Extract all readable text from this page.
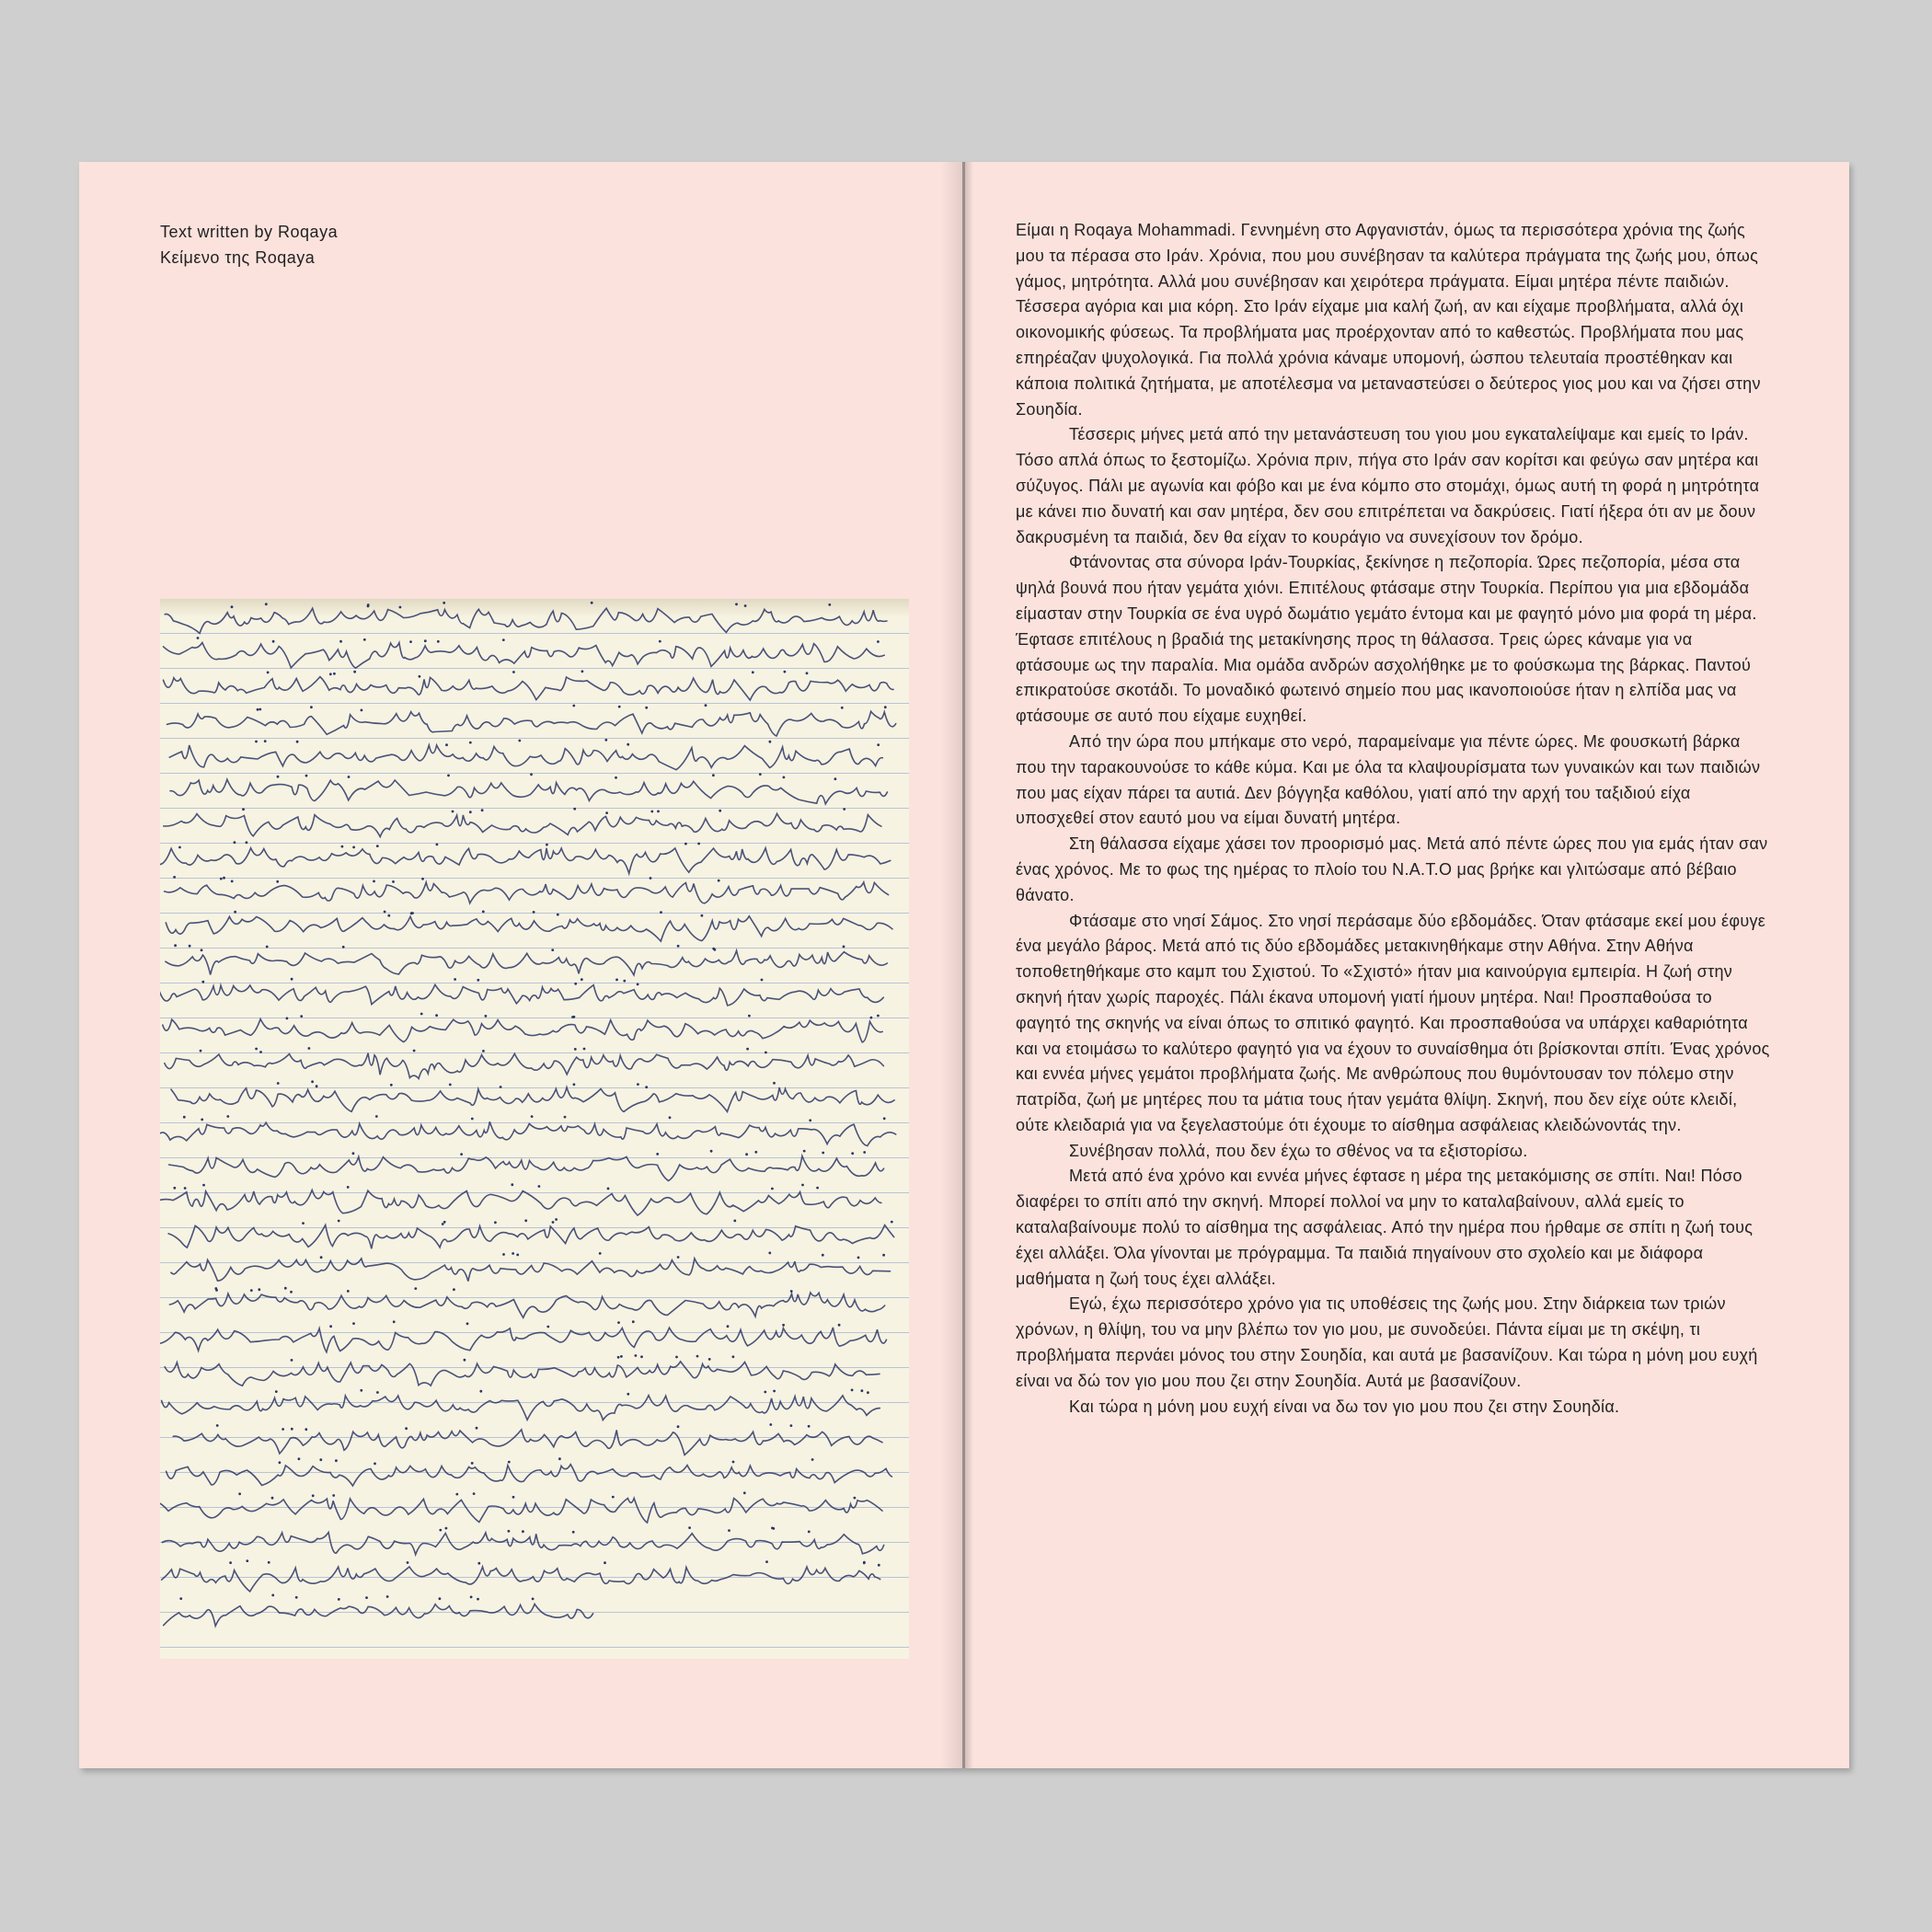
Text written by Roqaya
Κείμενο της Roqaya

Είμαι η Roqaya Mohammadi. Γεννημένη στο Αφγανιστάν, όμως τα περισσότερα χρόνια της ζωής μου τα πέρασα στο Ιράν. Χρόνια, που μου συνέβησαν τα καλύτερα πράγματα της ζωής μου, όπως γάμος, μητρότητα. Αλλά μου συνέβησαν και χειρότερα πράγματα. Είμαι μητέρα πέντε παιδιών. Τέσσερα αγόρια και μια κόρη. Στο Ιράν είχαμε μια καλή ζωή, αν και είχαμε προβλήματα, αλλά όχι οικονομικής φύσεως. Τα προβλήματα μας προέρχονταν από το καθεστώς. Προβλήματα που μας επηρέαζαν ψυχολογικά. Για πολλά χρόνια κάναμε υπομονή, ώσπου τελευταία προστέθηκαν και κάποια πολιτικά ζητήματα, με αποτέλεσμα να μεταναστεύσει ο δεύτερος γιος μου και να ζήσει στην Σουηδία.

Τέσσερις μήνες μετά από την μετανάστευση του γιου μου εγκαταλείψαμε και εμείς το Ιράν. Τόσο απλά όπως το ξεστομίζω. Χρόνια πριν, πήγα στο Ιράν σαν κορίτσι και φεύγω σαν μητέρα και σύζυγος. Πάλι με αγωνία και φόβο και με ένα κόμπο στο στομάχι, όμως αυτή τη φορά η μητρότητα με κάνει πιο δυνατή και σαν μητέρα, δεν σου επιτρέπεται να δακρύσεις. Γιατί ήξερα ότι αν με δουν δακρυσμένη τα παιδιά, δεν θα είχαν το κουράγιο να συνεχίσουν τον δρόμο.

Φτάνοντας στα σύνορα Ιράν-Τουρκίας, ξεκίνησε η πεζοπορία. Ώρες πεζοπορία, μέσα στα ψηλά βουνά που ήταν γεμάτα χιόνι. Επιτέλους φτάσαμε στην Τουρκία. Περίπου για μια εβδομάδα είμασταν στην Τουρκία σε ένα υγρό δωμάτιο γεμάτο έντομα και με φαγητό μόνο μια φορά τη μέρα. Έφτασε επιτέλους η βραδιά της μετακίνησης προς τη θάλασσα. Τρεις ώρες κάναμε για να φτάσουμε ως την παραλία. Μια ομάδα ανδρών ασχολήθηκε με το φούσκωμα της βάρκας. Παντού επικρατούσε σκοτάδι. Το μοναδικό φωτεινό σημείο που μας ικανοποιούσε ήταν η ελπίδα μας να φτάσουμε σε αυτό που είχαμε ευχηθεί.

Από την ώρα που μπήκαμε στο νερό, παραμείναμε για πέντε ώρες. Με φουσκωτή βάρκα που την ταρακουνούσε το κάθε κύμα. Και με όλα τα κλαψουρίσματα των γυναικών και των παιδιών που μας είχαν πάρει τα αυτιά. Δεν βόγγηξα καθόλου, γιατί από την αρχή του ταξιδιού είχα υποσχεθεί στον εαυτό μου να είμαι δυνατή μητέρα.

Στη θάλασσα είχαμε χάσει τον προορισμό μας. Μετά από πέντε ώρες που για εμάς ήταν σαν ένας χρόνος. Με το φως της ημέρας το πλοίο του N.A.T.O μας βρήκε και γλιτώσαμε από βέβαιο θάνατο.

Φτάσαμε στο νησί Σάμος. Στο νησί περάσαμε δύο εβδομάδες. Όταν φτάσαμε εκεί μου έφυγε ένα μεγάλο βάρος. Μετά από τις δύο εβδομάδες μετακινηθήκαμε στην Αθήνα. Στην Αθήνα τοποθετηθήκαμε στο καμπ του Σχιστού. Το «Σχιστό» ήταν μια καινούργια εμπειρία. Η ζωή στην σκηνή ήταν χωρίς παροχές. Πάλι έκανα υπομονή γιατί ήμουν μητέρα. Ναι! Προσπαθούσα το φαγητό της σκηνής να είναι όπως το σπιτικό φαγητό. Και προσπαθούσα να υπάρχει καθαριότητα και να ετοιμάσω το καλύτερο φαγητό για να έχουν το συναίσθημα ότι βρίσκονται σπίτι. Ένας χρόνος και εννέα μήνες γεμάτοι προβλήματα ζωής. Με ανθρώπους που θυμόντουσαν τον πόλεμο στην πατρίδα, ζωή με μητέρες που τα μάτια τους ήταν γεμάτα θλίψη. Σκηνή, που δεν είχε ούτε κλειδί, ούτε κλειδαριά για να ξεγελαστούμε ότι έχουμε το αίσθημα ασφάλειας κλειδώνοντάς την.

Συνέβησαν πολλά, που δεν έχω το σθένος να τα εξιστορίσω.

Μετά από ένα χρόνο και εννέα μήνες έφτασε η μέρα της μετακόμισης σε σπίτι. Ναι! Πόσο διαφέρει το σπίτι από την σκηνή. Μπορεί πολλοί να μην το καταλαβαίνουν, αλλά εμείς το καταλαβαίνουμε πολύ το αίσθημα της ασφάλειας. Από την ημέρα που ήρθαμε σε σπίτι η ζωή τους έχει αλλάξει. Όλα γίνονται με πρόγραμμα. Τα παιδιά πηγαίνουν στο σχολείο και με διάφορα μαθήματα η ζωή τους έχει αλλάξει.

Εγώ, έχω περισσότερο χρόνο για τις υποθέσεις της ζωής μου. Στην διάρκεια των τριών χρόνων, η θλίψη, του να μην βλέπω τον γιο μου, με συνοδεύει. Πάντα είμαι με τη σκέψη, τι προβλήματα περνάει μόνος του στην Σουηδία, και αυτά με βασανίζουν. Και τώρα η μόνη μου ευχή είναι να δώ τον γιο μου που ζει στην Σουηδία. Αυτά με βασανίζουν.

Και τώρα η μόνη μου ευχή είναι να δω τον γιο μου που ζει στην Σουηδία.
